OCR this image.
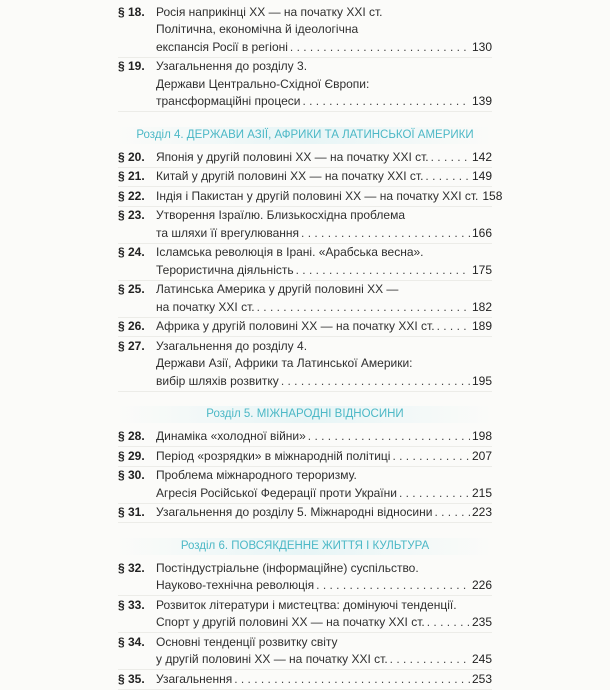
§ 18. Росія наприкінці XX — на початку XXI ст.
Політична, економічна й ідеологічна
експансія Росії в регіоні . . .	130
§ 19. Узагальнення до розділу 3.
Держави Центрально-Східної Європи:
трансформаційні процеси . . .	139
Розділ 4. ДЕРЖАВИ АЗІЇ, АФРИКИ ТА ЛАТИНСЬКОЇ АМЕРИКИ
§ 20. Японія у другій половині XX — на початку XXI ст. . . .	142
§ 21. Китай у другій половині XX — на початку XXI ст. . . .	149
§ 22. Індія і Пакистан у другій половині XX — на початку XXI ст. 158
§ 23. Утворення Ізраїлю. Близькосхідна проблема
та шляхи її врегулювання . . .	166
§ 24. Ісламська революція в Ірані. «Арабська весна».
Терористична діяльність . . .	175
§ 25. Латинська Америка у другій половині XX —
на початку XXI ст. . . .	182
§ 26. Африка у другій половині XX — на початку XXI ст. . . .	189
§ 27. Узагальнення до розділу 4.
Держави Азії, Африки та Латинської Америки:
вибір шляхів розвитку . . .	195
Розділ 5. МІЖНАРОДНІ ВІДНОСИНИ
§ 28. Динаміка «холодної війни» . . .	198
§ 29. Період «розрядки» в міжнародній політиці . . .	207
§ 30. Проблема міжнародного тероризму.
Агресія Російської Федерації проти України . . .	215
§ 31. Узагальнення до розділу 5. Міжнародні відносини . . .	223
Розділ 6. ПОВСЯКДЕННЕ ЖИТТЯ І КУЛЬТУРА
§ 32. Постіндустріальне (інформаційне) суспільство.
Науково-технічна революція . . .	226
§ 33. Розвиток літератури і мистецтва: домінуючі тенденції.
Спорт у другій половині XX — на початку XXI ст. . . .	235
§ 34. Основні тенденції розвитку світу
у другій половині XX — на початку XXI ст. . . .	245
§ 35. Узагальнення . . .	253
